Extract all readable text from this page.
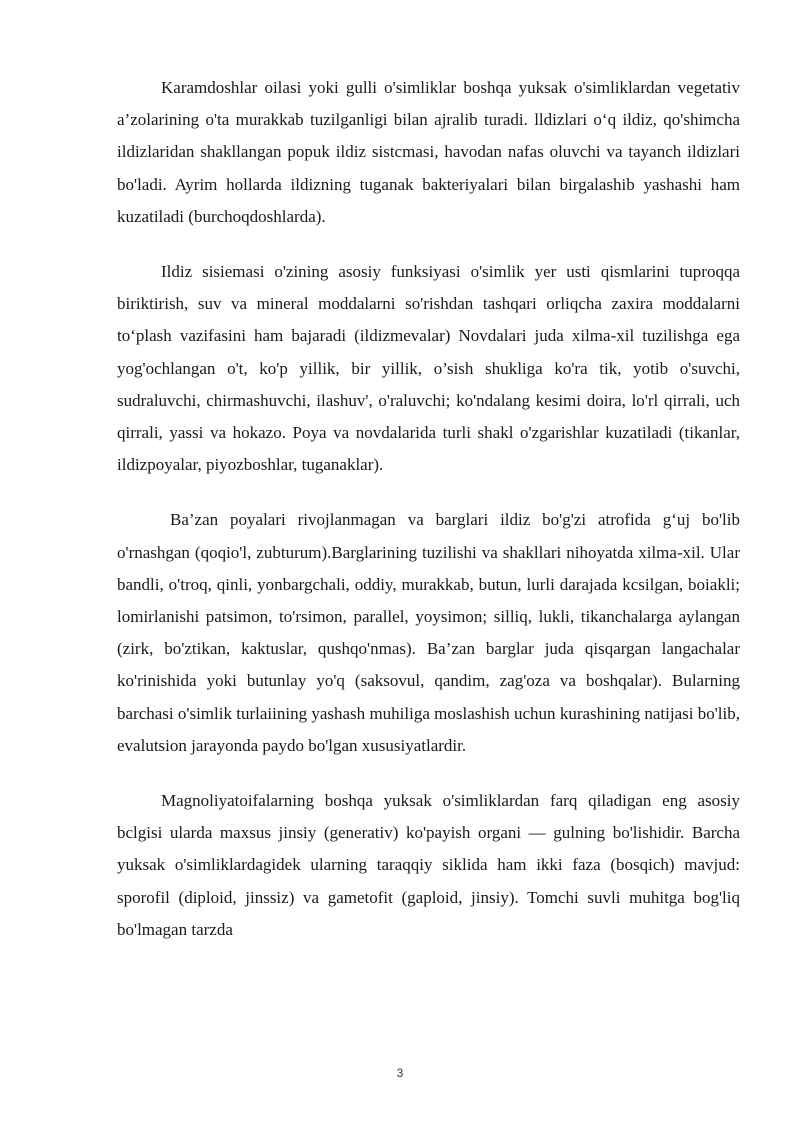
Karamdoshlar oilasi yoki gulli o'simliklar boshqa yuksak o'simliklardan vegetativ a’zolarining o'ta murakkab tuzilganligi bilan ajralib turadi. lldizlari o‘q ildiz, qo'shimcha ildizlaridan shakllangan popuk ildiz sistcmasi, havodan nafas oluvchi va tayanch ildizlari bo'ladi. Ayrim hollarda ildizning tuganak bakteriyalari bilan birgalashib yashashi ham kuzatiladi (burchoqdoshlarda).

Ildiz sisiemasi o'zining asosiy funksiyasi o'simlik yer usti qismlarini tuproqqa biriktirish, suv va mineral moddalarni so'rishdan tashqari orliqcha zaxira moddalarni to‘plash vazifasini ham bajaradi (ildizmevalar) Novdalari juda xilma-xil tuzilishga ega yog'ochlangan o't, ko'p yillik, bir yillik, o’sish shukliga ko'ra tik, yotib o'suvchi, sudraluvchi, chirmashuvchi, ilashuv', o'raluvchi; ko'ndalang kesimi doira, lo'rl qirrali, uch qirrali, yassi va hokazo. Poya va novdalarida turli shakl o'zgarishlar kuzatiladi (tikanlar, ildizpoyalar, piyozboshlar, tuganaklar).

Ba’zan poyalari rivojlanmagan va barglari ildiz bo'g'zi atrofida g‘uj bo'lib o'rnashgan (qoqio'l, zubturum).Barglarining tuzilishi va shakllari nihoyatda xilma-xil. Ular bandli, o'troq, qinli, yonbargchali, oddiy, murakkab, butun, lurli darajada kcsilgan, boiakli; lomirlanishi patsimon, to'rsimon, parallel, yoysimon; silliq, lukli, tikanchalarga aylangan (zirk, bo'ztikan, kaktuslar, qushqo'nmas). Ba’zan barglar juda qisqargan langachalar ko'rinishida yoki butunlay yo'q (saksovul, qandim, zag'oza va boshqalar). Bularning barchasi o'simlik turlaiining yashash muhiliga moslashish uchun kurashining natijasi bo'lib, evalutsion jarayonda paydo bo'lgan xususiyatlardir.

Magnoliyatoifalarning boshqa yuksak o'simliklardan farq qiladigan eng asosiy bclgisi ularda maxsus jinsiy (generativ) ko'payish organi — gulning bo'lishidir. Barcha yuksak o'simliklardagidek ularning taraqqiy siklida ham ikki faza (bosqich) mavjud: sporofil (diploid, jinssiz) va gametofit (gaploid, jinsiy). Tomchi suvli muhitga bog'liq bo'lmagan tarzda

3
